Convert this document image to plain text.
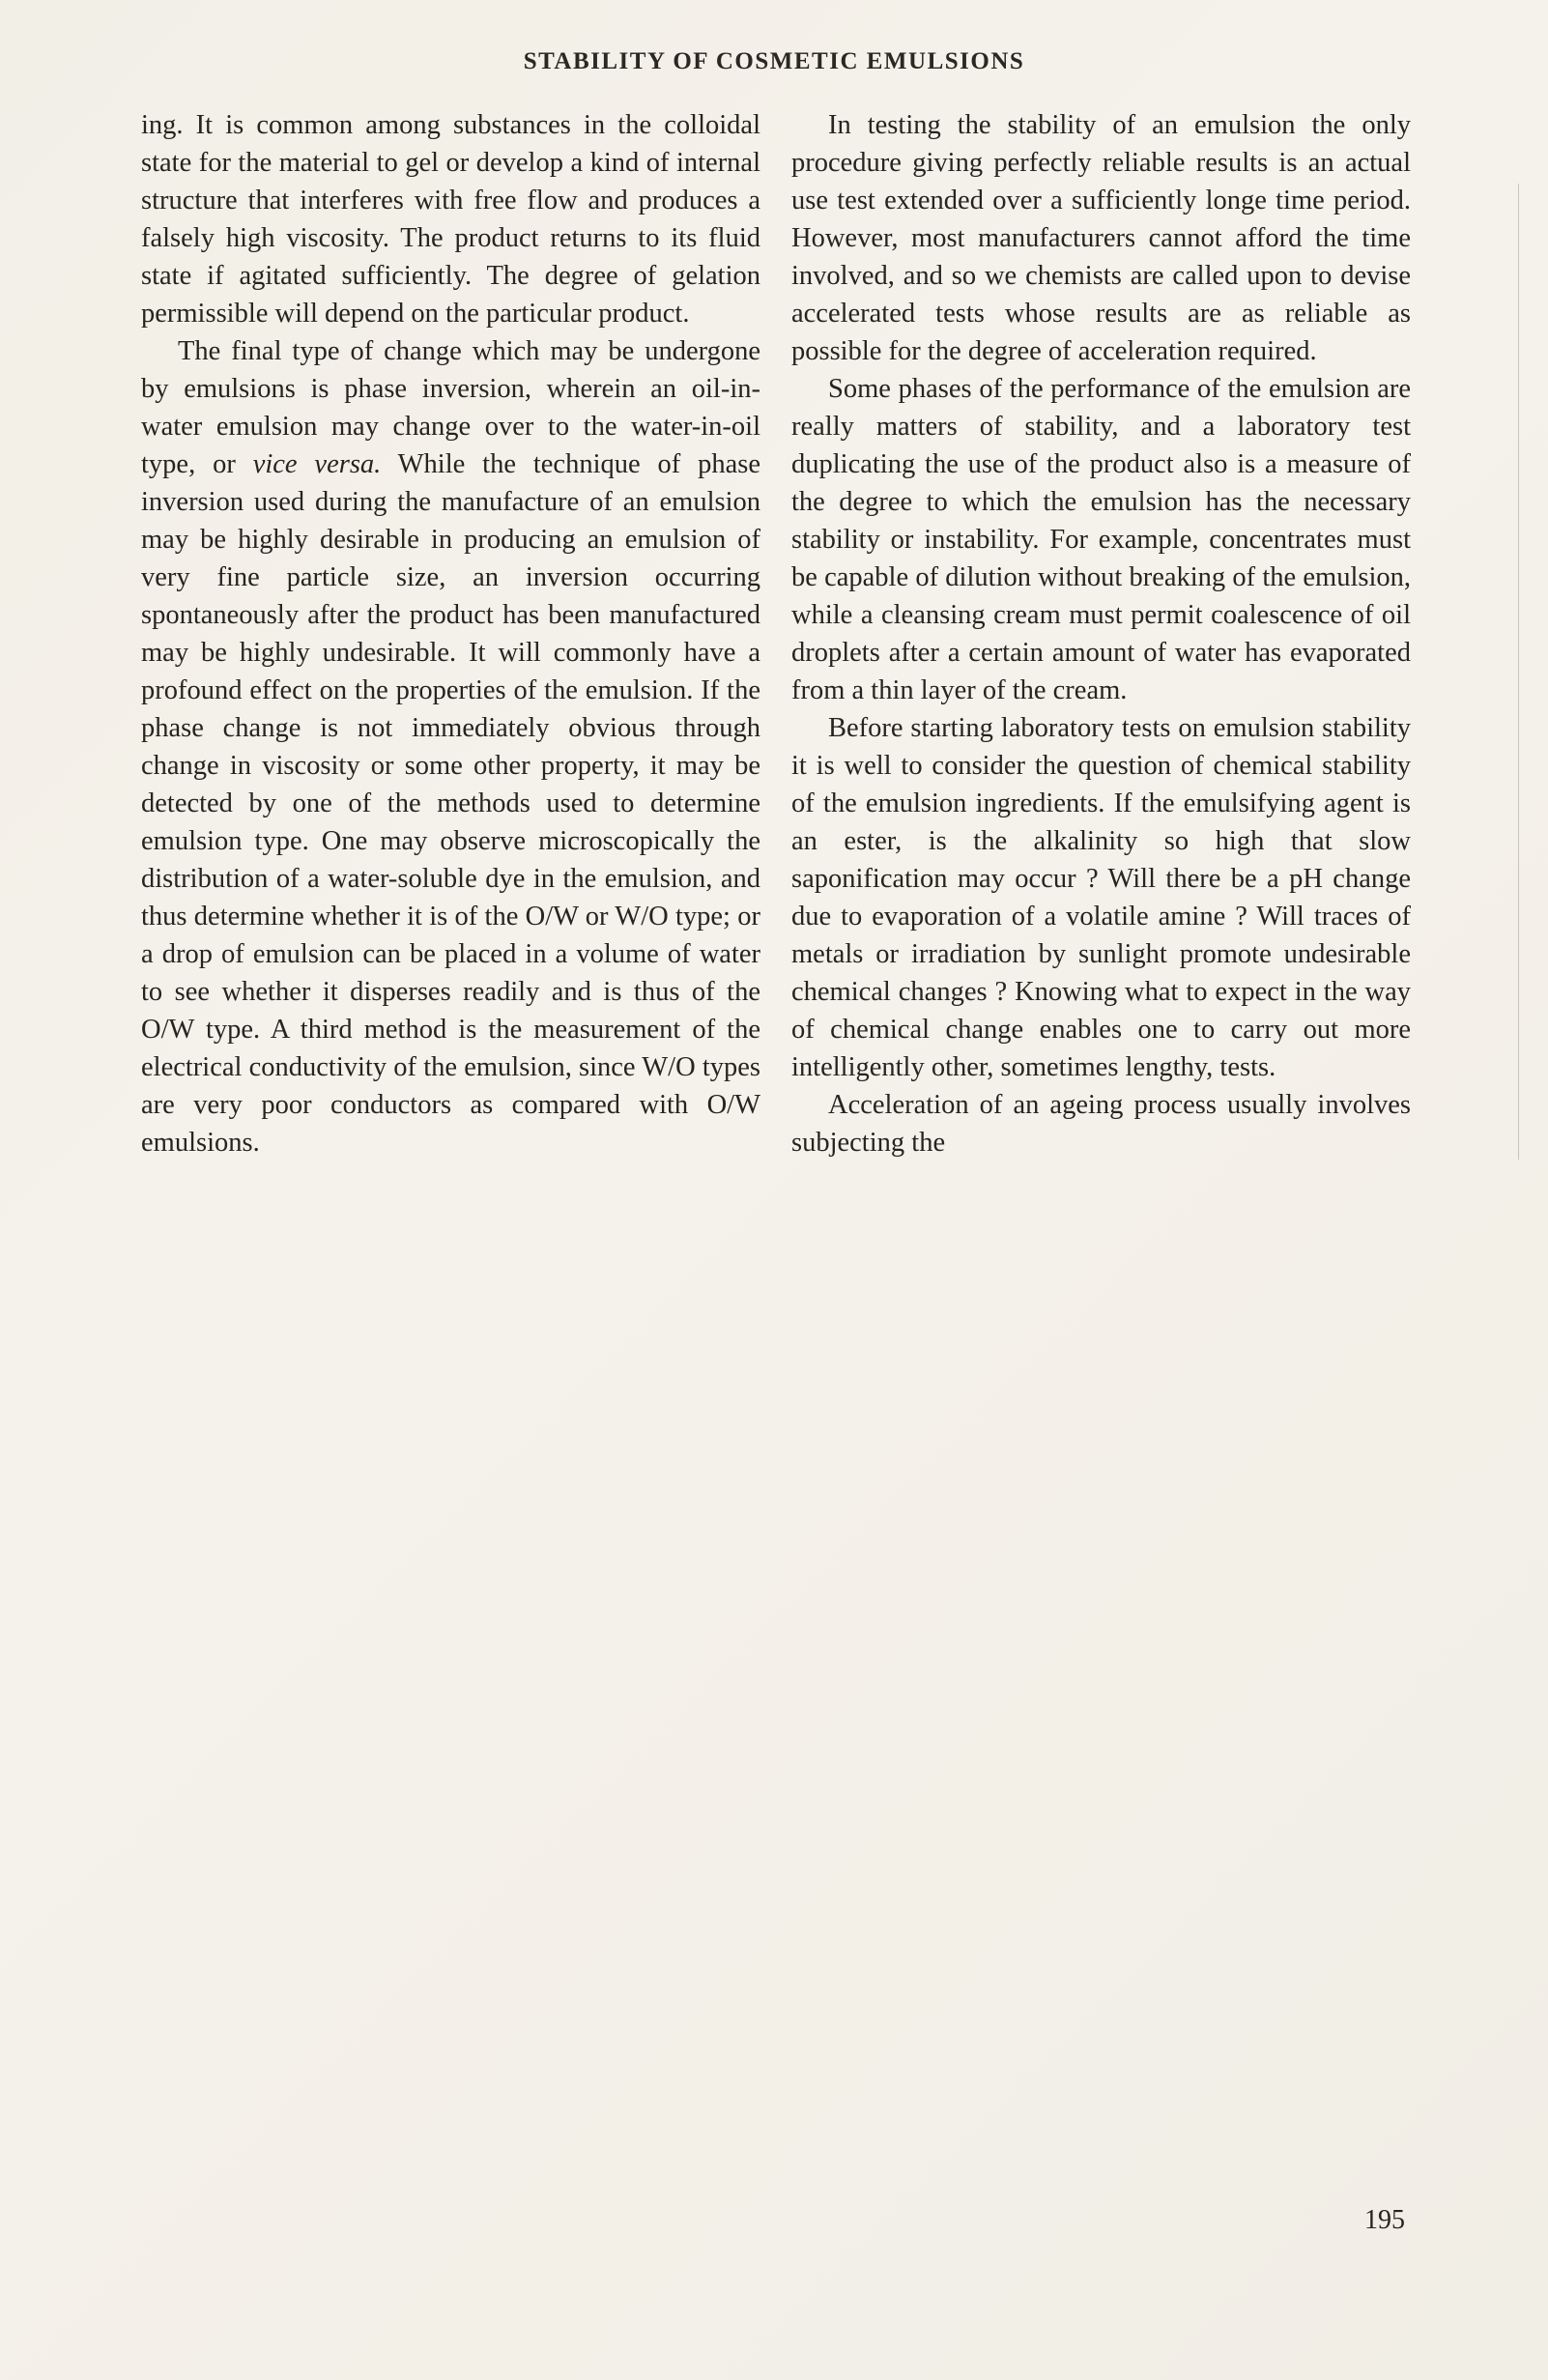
STABILITY OF COSMETIC EMULSIONS

ing. It is common among substances in the colloidal state for the material to gel or develop a kind of internal structure that interferes with free flow and produces a falsely high viscosity. The product returns to its fluid state if agitated sufficiently. The degree of gelation permissible will depend on the particular product.

The final type of change which may be undergone by emulsions is phase inversion, wherein an oil-in-water emulsion may change over to the water-in-oil type, or vice versa. While the technique of phase inversion used during the manufacture of an emulsion may be highly desirable in producing an emulsion of very fine particle size, an inversion occurring spontaneously after the product has been manufactured may be highly undesirable. It will commonly have a profound effect on the properties of the emulsion. If the phase change is not immediately obvious through change in viscosity or some other property, it may be detected by one of the methods used to determine emulsion type. One may observe microscopically the distribution of a water-soluble dye in the emulsion, and thus determine whether it is of the O/W or W/O type; or a drop of emulsion can be placed in a volume of water to see whether it disperses readily and is thus of the O/W type. A third method is the measurement of the electrical conductivity of the emulsion, since W/O types are very poor conductors as compared with O/W emulsions.

In testing the stability of an emulsion the only procedure giving perfectly reliable results is an actual use test extended over a sufficiently longe time period. However, most manufacturers cannot afford the time involved, and so we chemists are called upon to devise accelerated tests whose results are as reliable as possible for the degree of acceleration required.

Some phases of the performance of the emulsion are really matters of stability, and a laboratory test duplicating the use of the product also is a measure of the degree to which the emulsion has the necessary stability or instability. For example, concentrates must be capable of dilution without breaking of the emulsion, while a cleansing cream must permit coalescence of oil droplets after a certain amount of water has evaporated from a thin layer of the cream.

Before starting laboratory tests on emulsion stability it is well to consider the question of chemical stability of the emulsion ingredients. If the emulsifying agent is an ester, is the alkalinity so high that slow saponification may occur ? Will there be a pH change due to evaporation of a volatile amine ? Will traces of metals or irradiation by sunlight promote undesirable chemical changes ? Knowing what to expect in the way of chemical change enables one to carry out more intelligently other, sometimes lengthy, tests.

Acceleration of an ageing process usually involves subjecting the

195
